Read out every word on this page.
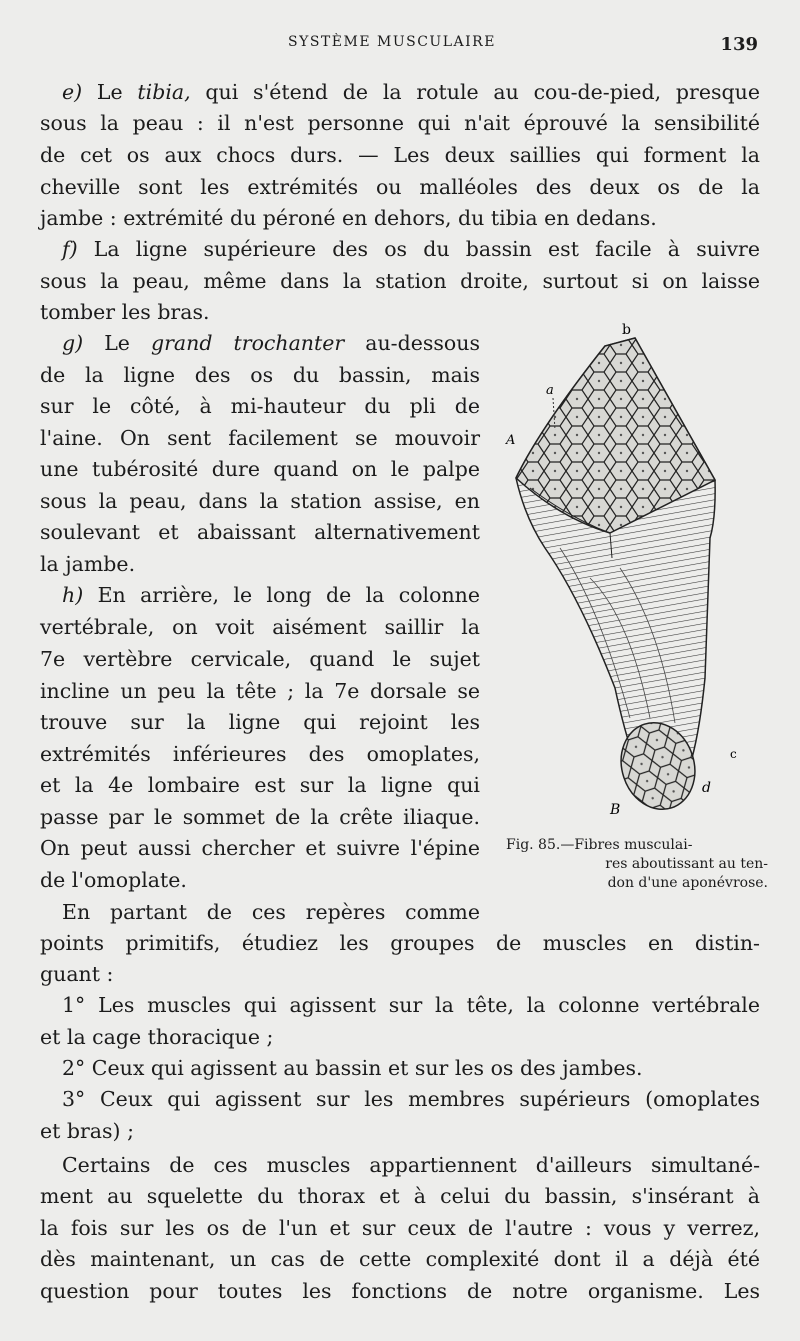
SYSTÈME MUSCULAIRE	139
e) Le tibia, qui s'étend de la rotule au cou-de-pied, presque
sous la peau : il n'est personne qui n'ait éprouvé la sensibilité
de cet os aux chocs durs. — Les deux saillies qui forment la
cheville sont les extrémités ou malléoles des deux os de la
jambe : extrémité du péroné en dehors, du tibia en dedans.
f) La ligne supérieure des os du bassin est facile à suivre
sous la peau, même dans la station droite, surtout si on laisse
tomber les bras.
g) Le grand trochanter au-dessous
de la ligne des os du bassin, mais
sur le côté, à mi-hauteur du pli de
l'aine. On sent facilement se mouvoir
une tubérosité dure quand on le palpe
sous la peau, dans la station assise, en
soulevant et abaissant alternativement
la jambe.
h) En arrière, le long de la colonne
vertébrale, on voit aisément saillir la
7e vertèbre cervicale, quand le sujet
incline un peu la tête ; la 7e dorsale se
trouve sur la ligne qui rejoint les
extrémités inférieures des omoplates,
et la 4e lombaire est sur la ligne qui
passe par le sommet de la crête iliaque.
On peut aussi chercher et suivre l'épine
de l'omoplate.
En partant de ces repères comme
points primitifs, étudiez les groupes de muscles en distin-
guant :
1° Les muscles qui agissent sur la tête, la colonne vertébrale
et la cage thoracique ;
2° Ceux qui agissent au bassin et sur les os des jambes.
3° Ceux qui agissent sur les membres supérieurs (omoplates
et bras) ;
Certains de ces muscles appartiennent d'ailleurs simultané-
ment au squelette du thorax et à celui du bassin, s'insérant à
la fois sur les os de l'un et sur ceux de l'autre : vous y verrez,
dès maintenant, un cas de cette complexité dont il a déjà été
question pour toutes les fonctions de notre organisme. Les
a
b
A
c
d
B
Fig. 85.—Fibres musculai-
res aboutissant au ten-
don d'une aponévrose.
